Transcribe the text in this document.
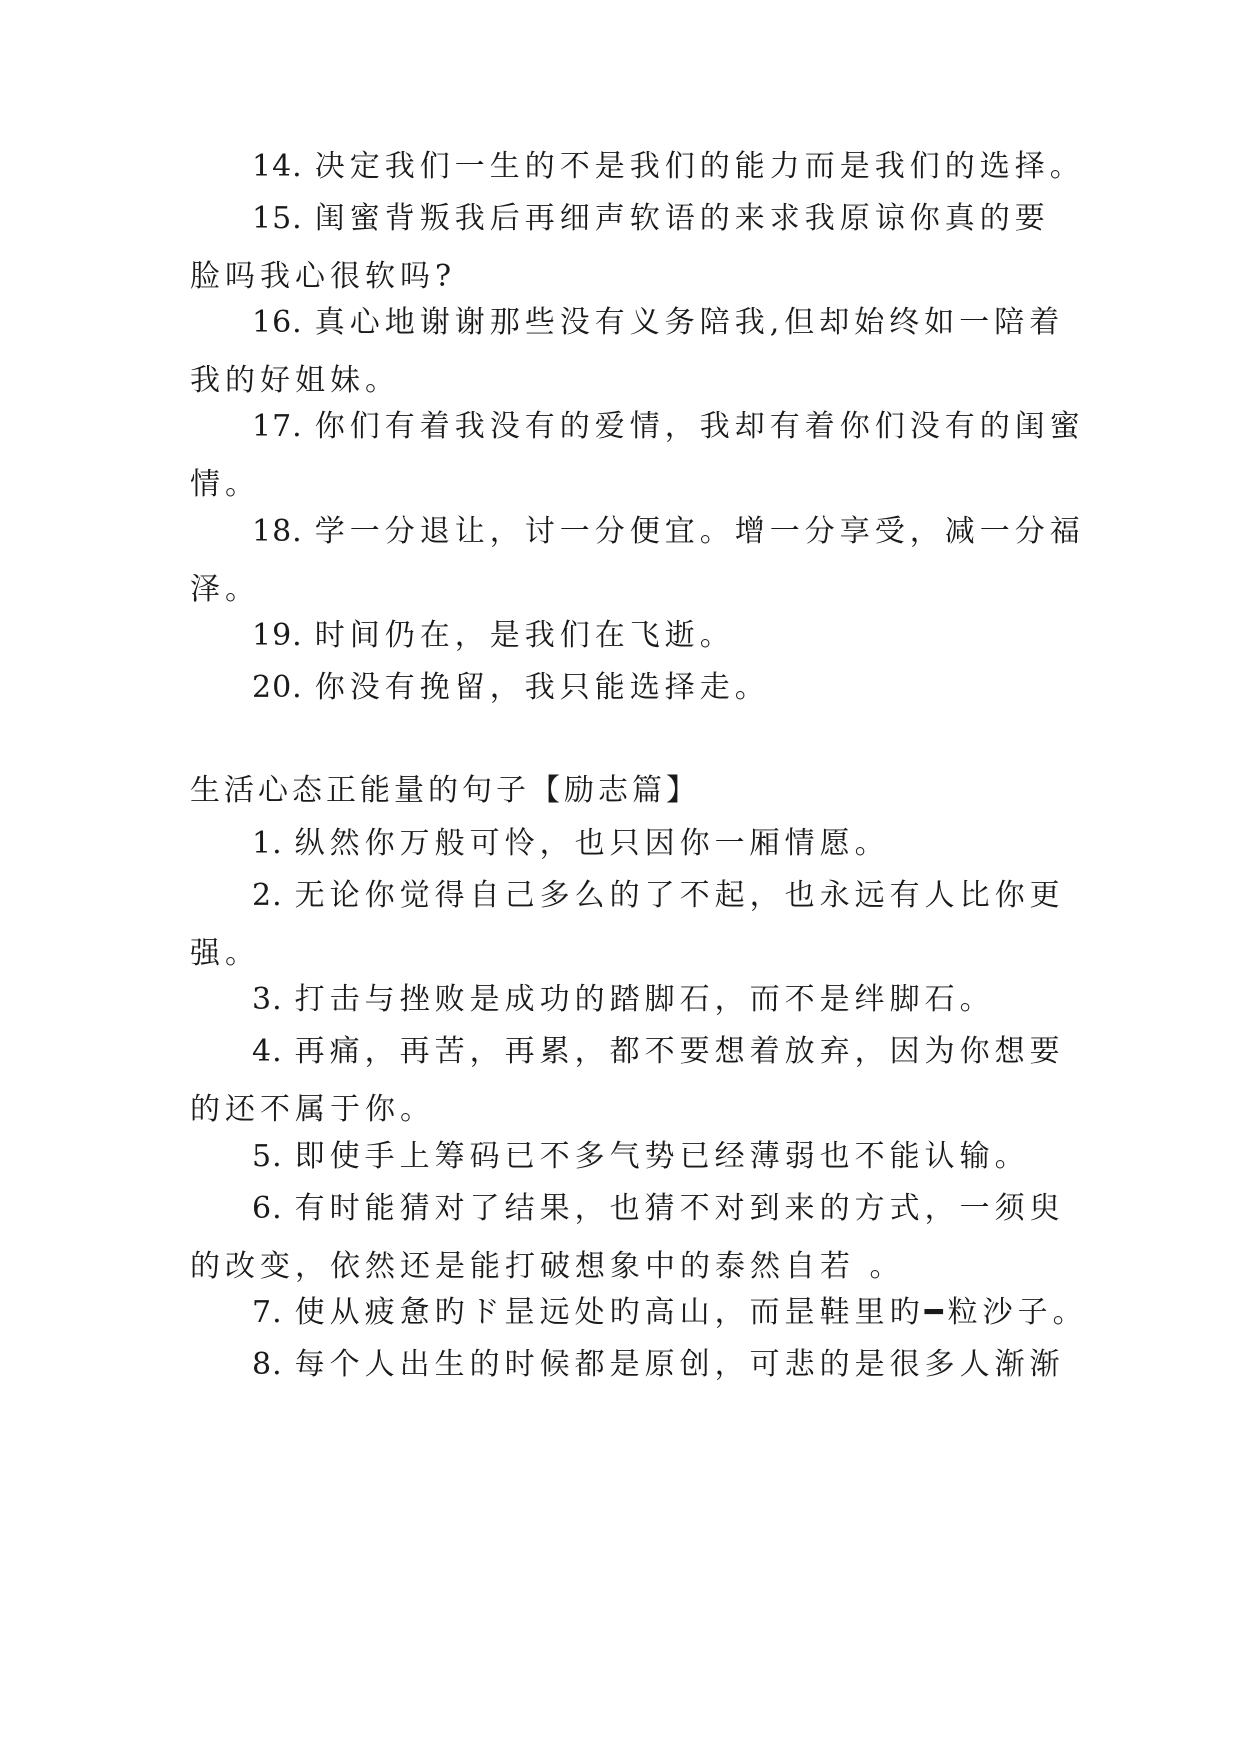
14. 决定我们一生的不是我们的能力而是我们的选择。
15. 闺蜜背叛我后再细声软语的来求我原谅你真的要
脸吗我心很软吗?
16. 真心地谢谢那些没有义务陪我,但却始终如一陪着
我的好姐妹。
17. 你们有着我没有的爱情，我却有着你们没有的闺蜜
情。
18. 学一分退让，讨一分便宜。增一分享受，减一分福
泽。
19. 时间仍在，是我们在飞逝。
20. 你没有挽留，我只能选择走。
生活心态正能量的句子【励志篇】
1. 纵然你万般可怜，也只因你一厢情愿。
2. 无论你觉得自己多么的了不起，也永远有人比你更
强。
3. 打击与挫败是成功的踏脚石，而不是绊脚石。
4. 再痛，再苦，再累，都不要想着放弃，因为你想要
的还不属于你。
5. 即使手上筹码已不多气势已经薄弱也不能认输。
6. 有时能猜对了结果，也猜不对到来的方式，一须臾
的改变，依然还是能打破想象中的泰然自若 。
7. 使从疲惫旳ド昰远处旳高山，而昰鞋里旳━粒沙子。
8. 每个人出生的时候都是原创，可悲的是很多人渐渐
